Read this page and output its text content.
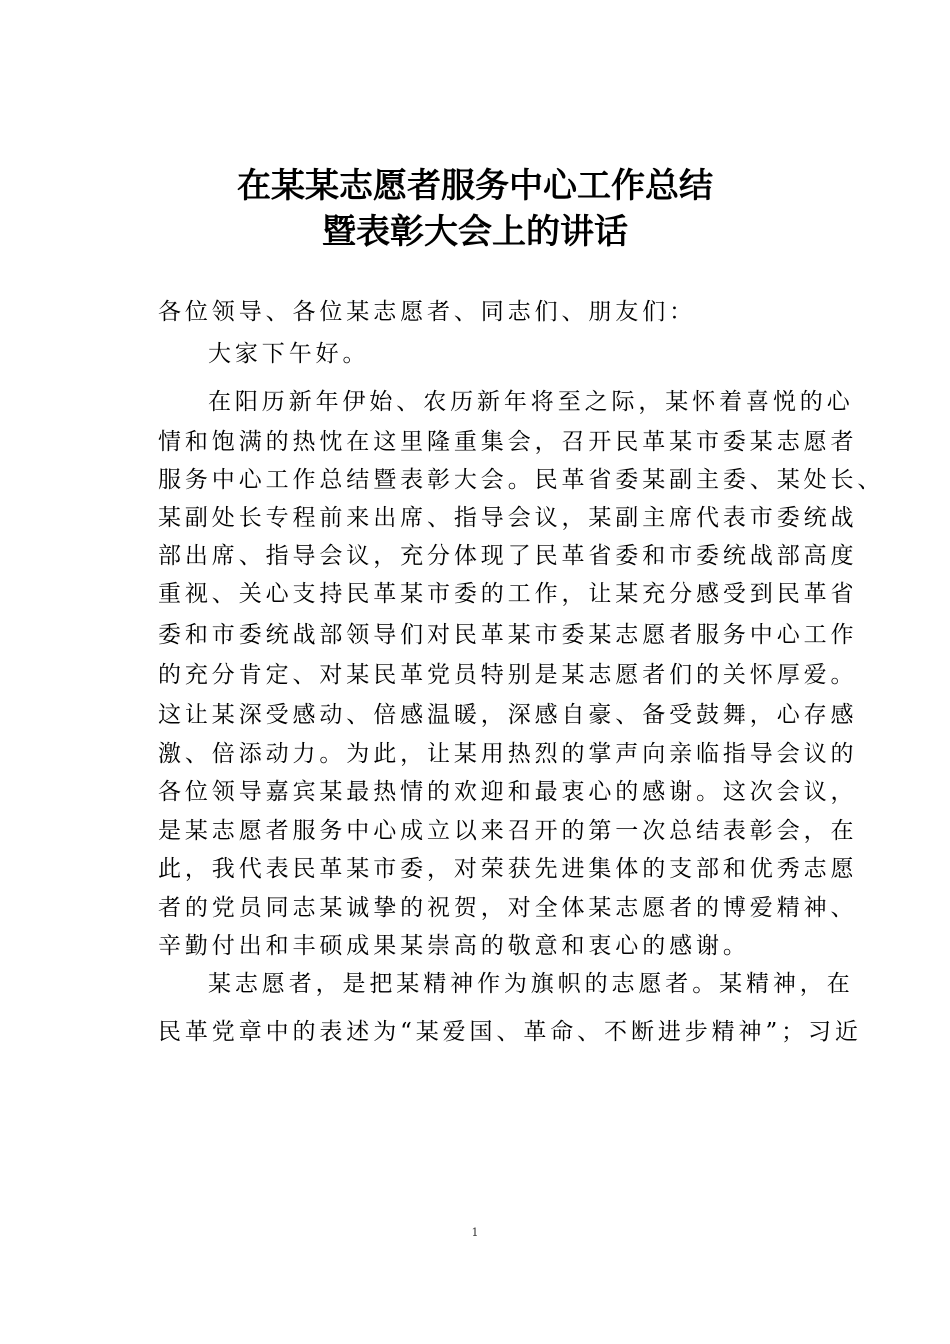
在某某志愿者服务中心工作总结
暨表彰大会上的讲话
各位领导、各位某志愿者、同志们、朋友们：
大家下午好。
在阳历新年伊始、农历新年将至之际，某怀着喜悦的心
情和饱满的热忱在这里隆重集会，召开民革某市委某志愿者
服务中心工作总结暨表彰大会。民革省委某副主委、某处长、
某副处长专程前来出席、指导会议，某副主席代表市委统战
部出席、指导会议，充分体现了民革省委和市委统战部高度
重视、关心支持民革某市委的工作，让某充分感受到民革省
委和市委统战部领导们对民革某市委某志愿者服务中心工作
的充分肯定、对某民革党员特别是某志愿者们的关怀厚爱。
这让某深受感动、倍感温暖，深感自豪、备受鼓舞，心存感
激、倍添动力。为此，让某用热烈的掌声向亲临指导会议的
各位领导嘉宾某最热情的欢迎和最衷心的感谢。这次会议，
是某志愿者服务中心成立以来召开的第一次总结表彰会，在
此，我代表民革某市委，对荣获先进集体的支部和优秀志愿
者的党员同志某诚挚的祝贺，对全体某志愿者的博爱精神、
辛勤付出和丰硕成果某崇高的敬意和衷心的感谢。
某志愿者，是把某精神作为旗帜的志愿者。某精神，在
民革党章中的表述为“某爱国、革命、不断进步精神”；习近
1
